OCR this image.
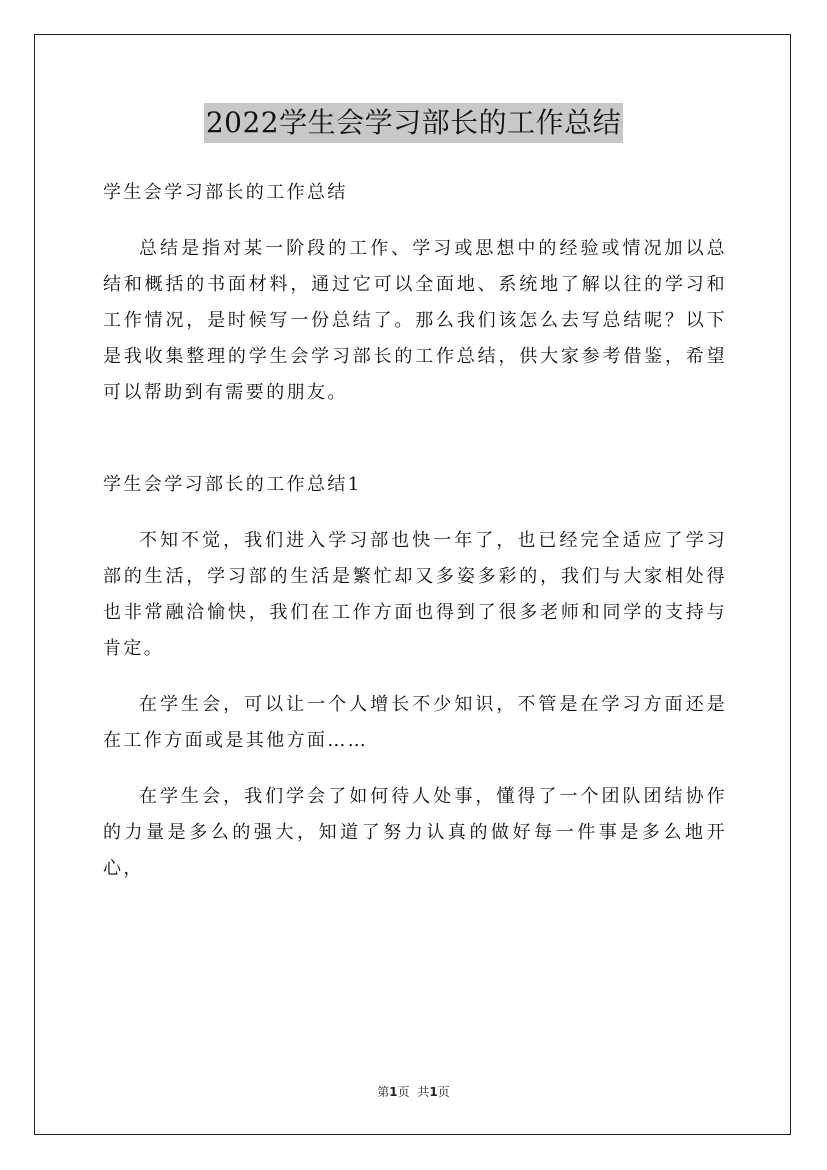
2022学生会学习部长的工作总结

学生会学习部长的工作总结

总结是指对某一阶段的工作、学习或思想中的经验或情况加以总结和概括的书面材料，通过它可以全面地、系统地了解以往的学习和工作情况，是时候写一份总结了。那么我们该怎么去写总结呢？以下是我收集整理的学生会学习部长的工作总结，供大家参考借鉴，希望可以帮助到有需要的朋友。

学生会学习部长的工作总结1

不知不觉，我们进入学习部也快一年了，也已经完全适应了学习部的生活，学习部的生活是繁忙却又多姿多彩的，我们与大家相处得也非常融洽愉快，我们在工作方面也得到了很多老师和同学的支持与肯定。

在学生会，可以让一个人增长不少知识，不管是在学习方面还是在工作方面或是其他方面……

在学生会，我们学会了如何待人处事，懂得了一个团队团结协作的力量是多么的强大，知道了努力认真的做好每一件事是多么地开心，

第1页 共1页
